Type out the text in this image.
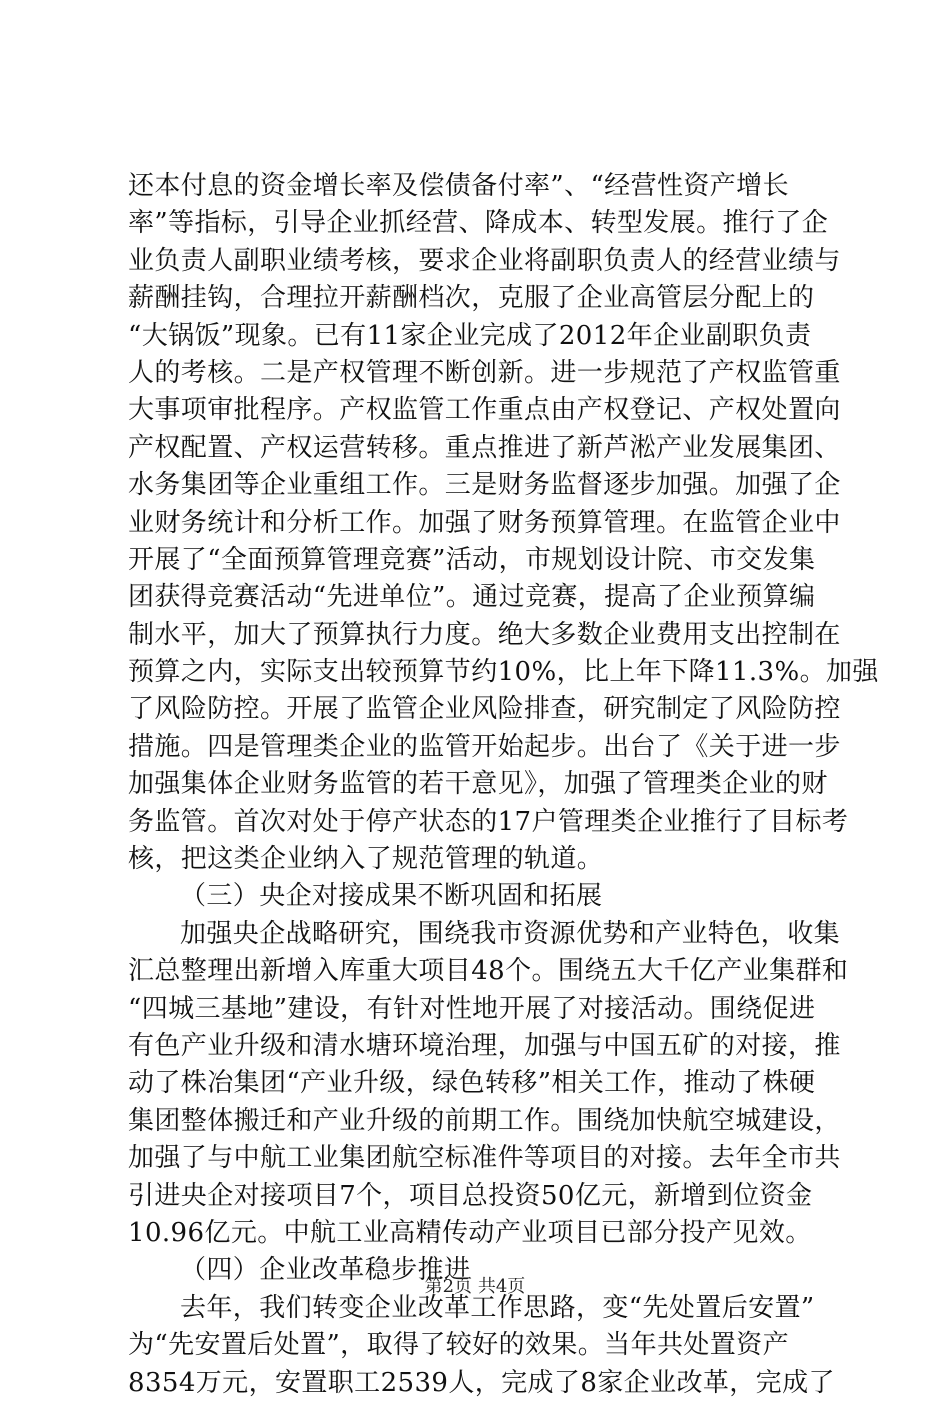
还本付息的资金增长率及偿债备付率”、“经营性资产增长
率”等指标，引导企业抓经营、降成本、转型发展。推行了企
业负责人副职业绩考核，要求企业将副职负责人的经营业绩与
薪酬挂钩，合理拉开薪酬档次，克服了企业高管层分配上的
“大锅饭”现象。已有11家企业完成了2012年企业副职负责
人的考核。二是产权管理不断创新。进一步规范了产权监管重
大事项审批程序。产权监管工作重点由产权登记、产权处置向
产权配置、产权运营转移。重点推进了新芦淞产业发展集团、
水务集团等企业重组工作。三是财务监督逐步加强。加强了企
业财务统计和分析工作。加强了财务预算管理。在监管企业中
开展了“全面预算管理竞赛”活动，市规划设计院、市交发集
团获得竞赛活动“先进单位”。通过竞赛，提高了企业预算编
制水平，加大了预算执行力度。绝大多数企业费用支出控制在
预算之内，实际支出较预算节约10%，比上年下降11.3%。加强
了风险防控。开展了监管企业风险排查，研究制定了风险防控
措施。四是管理类企业的监管开始起步。出台了《关于进一步
加强集体企业财务监管的若干意见》，加强了管理类企业的财
务监管。首次对处于停产状态的17户管理类企业推行了目标考
核，把这类企业纳入了规范管理的轨道。
（三）央企对接成果不断巩固和拓展
加强央企战略研究，围绕我市资源优势和产业特色，收集
汇总整理出新增入库重大项目48个。围绕五大千亿产业集群和
“四城三基地”建设，有针对性地开展了对接活动。围绕促进
有色产业升级和清水塘环境治理，加强与中国五矿的对接，推
动了株冶集团“产业升级，绿色转移”相关工作，推动了株硬
集团整体搬迁和产业升级的前期工作。围绕加快航空城建设，
加强了与中航工业集团航空标准件等项目的对接。去年全市共
引进央企对接项目7个，项目总投资50亿元，新增到位资金
10.96亿元。中航工业高精传动产业项目已部分投产见效。
（四）企业改革稳步推进
去年，我们转变企业改革工作思路，变“先处置后安置”
为“先安置后处置”，取得了较好的效果。当年共处置资产
8354万元，安置职工2539人，完成了8家企业改革，完成了
第2页 共4页
